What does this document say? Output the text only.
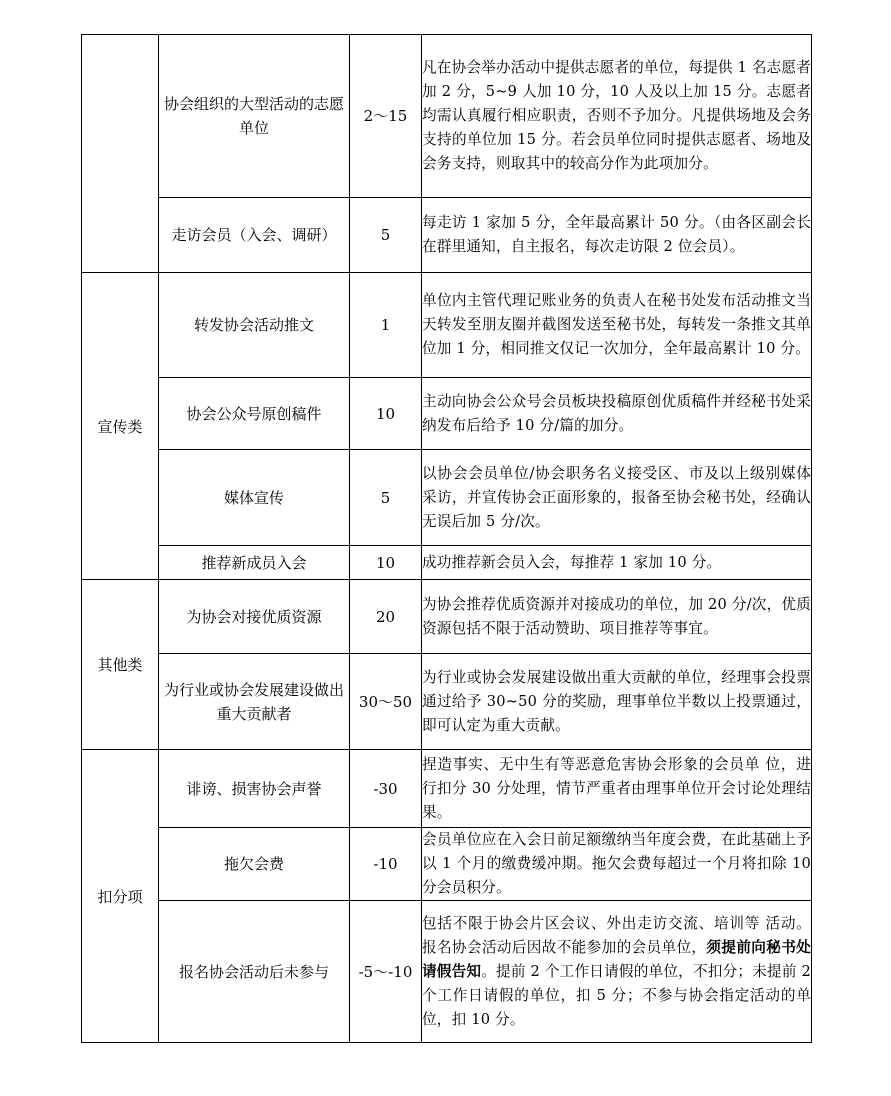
	协会组织的大型活动的志愿单位	2～15	凡在协会举办活动中提供志愿者的单位，每提供 1 名志愿者加 2 分，5~9 人加 10 分，10 人及以上加 15 分。志愿者均需认真履行相应职责，否则不予加分。凡提供场地及会务支持的单位加 15 分。若会员单位同时提供志愿者、场地及会务支持，则取其中的较高分作为此项加分。
	走访会员（入会、调研）	5	每走访 1 家加 5 分，全年最高累计 50 分。（由各区副会长在群里通知，自主报名，每次走访限 2 位会员）。
宣传类	转发协会活动推文	1	单位内主管代理记账业务的负责人在秘书处发布活动推文当天转发至朋友圈并截图发送至秘书处，每转发一条推文其单位加 1 分，相同推文仅记一次加分，全年最高累计 10 分。
	协会公众号原创稿件	10	主动向协会公众号会员板块投稿原创优质稿件并经秘书处采纳发布后给予 10 分/篇的加分。
	媒体宣传	5	以协会会员单位/协会职务名义接受区、市及以上级别媒体采访，并宣传协会正面形象的，报备至协会秘书处，经确认无误后加 5 分/次。
	推荐新成员入会	10	成功推荐新会员入会，每推荐 1 家加 10 分。
其他类	为协会对接优质资源	20	为协会推荐优质资源并对接成功的单位，加 20 分/次，优质资源包括不限于活动赞助、项目推荐等事宜。
	为行业或协会发展建设做出重大贡献者	30～50	为行业或协会发展建设做出重大贡献的单位，经理事会投票通过给予 30~50 分的奖励，理事单位半数以上投票通过，即可认定为重大贡献。
扣分项	诽谤、损害协会声誉	-30	捏造事实、无中生有等恶意危害协会形象的会员单 位，进行扣分 30 分处理，情节严重者由理事单位开会讨论处理结果。
	拖欠会费	-10	会员单位应在入会日前足额缴纳当年度会费，在此基础上予以 1 个月的缴费缓冲期。拖欠会费每超过一个月将扣除 10 分会员积分。
	报名协会活动后未参与	-5～-10	包括不限于协会片区会议、外出走访交流、培训等 活动。报名协会活动后因故不能参加的会员单位，须提前向秘书处请假告知。提前 2 个工作日请假的单位，不扣分；未提前 2 个工作日请假的单位，扣 5 分；不参与协会指定活动的单位，扣 10 分。
